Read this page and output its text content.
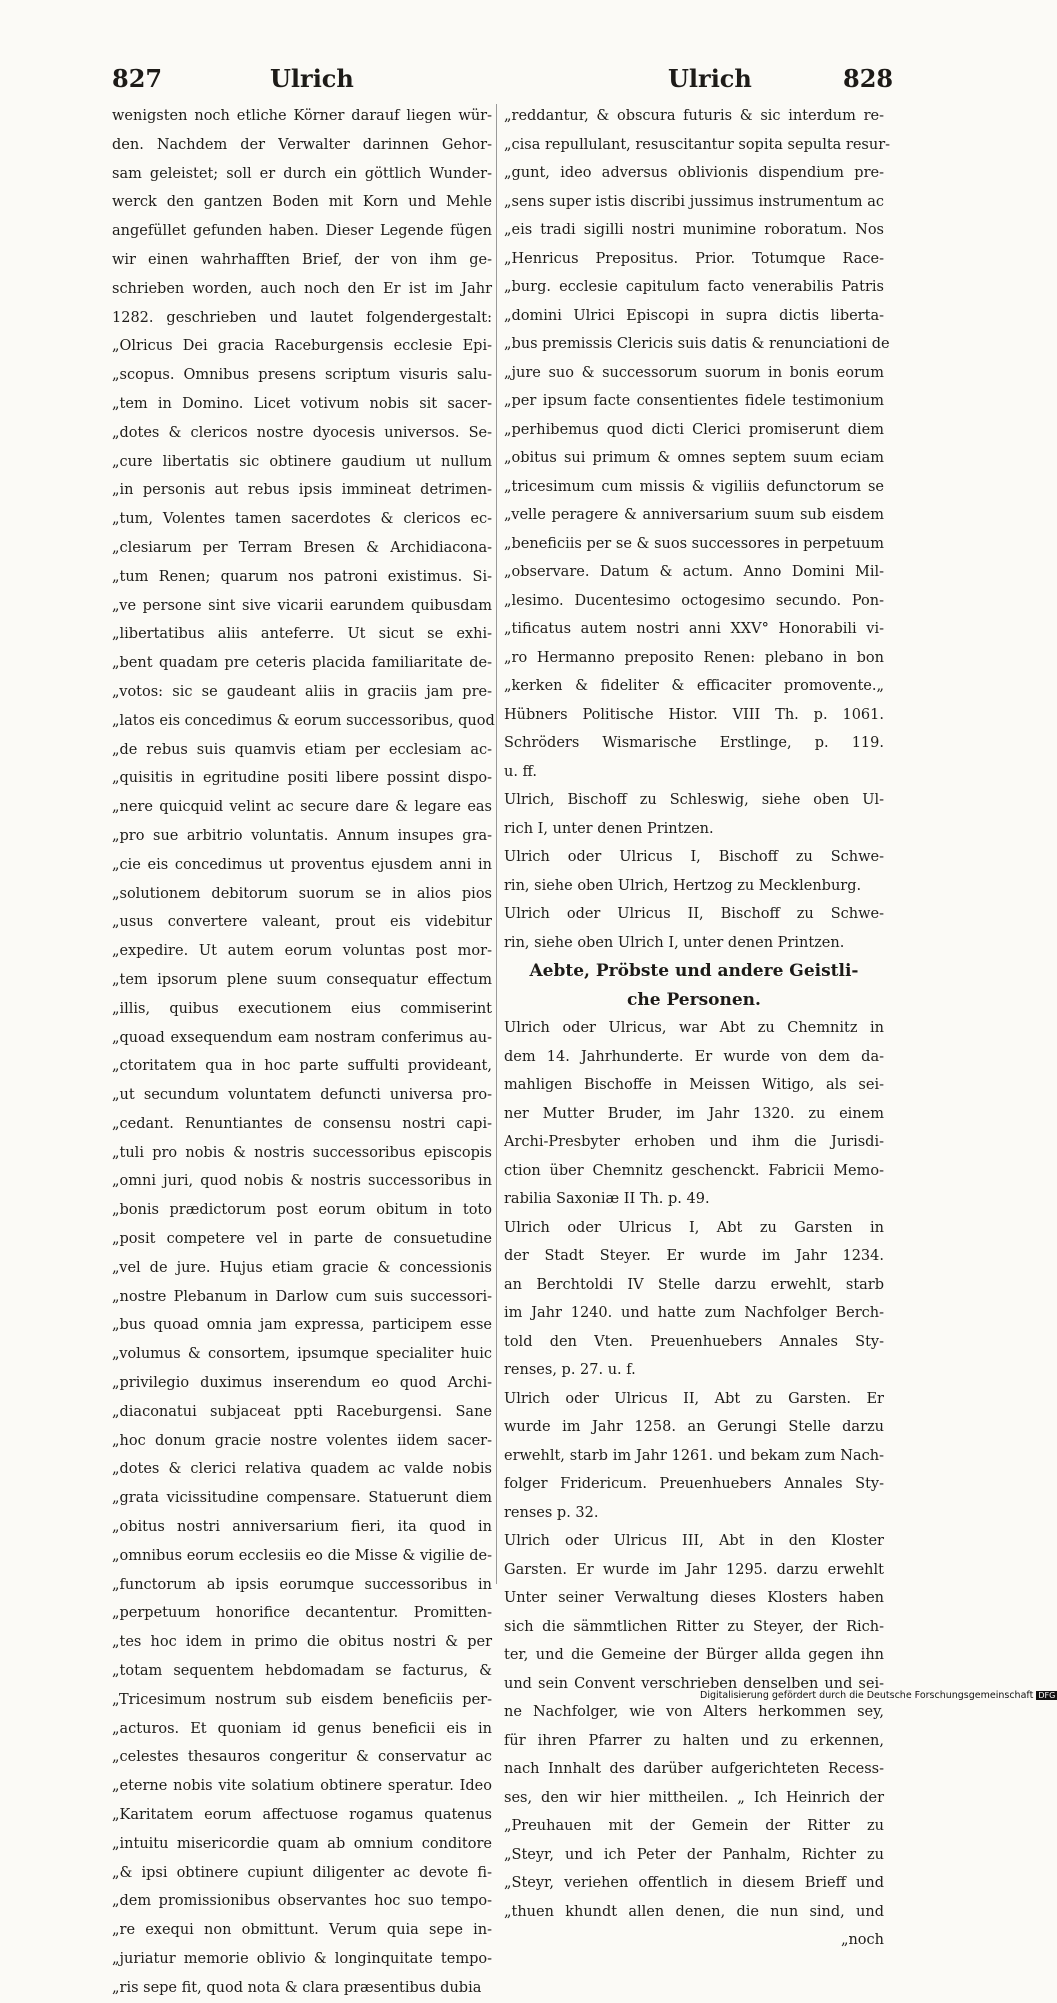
827	Ulrich	Ulrich	828
wenigsten noch etliche Körner darauf liegen wür-
den. Nachdem der Verwalter darinnen Gehor-
sam geleistet; soll er durch ein göttlich Wunder-
werck den gantzen Boden mit Korn und Mehle
angefüllet gefunden haben. Dieser Legende fügen
wir einen wahrhafften Brief, der von ihm ge-
schrieben worden, auch noch den Er ist im Jahr
1282. geschrieben und lautet folgendergestalt:
„Olricus Dei gracia Raceburgensis ecclesie Epi-
„scopus. Omnibus presens scriptum visuris salu-
„tem in Domino. Licet votivum nobis sit sacer-
„dotes & clericos nostre dyocesis universos. Se-
„cure libertatis sic obtinere gaudium ut nullum
„in personis aut rebus ipsis immineat detrimen-
„tum, Volentes tamen sacerdotes & clericos ec-
„clesiarum per Terram Bresen & Archidiacona-
„tum Renen; quarum nos patroni existimus. Si-
„ve persone sint sive vicarii earundem quibusdam
„libertatibus aliis anteferre. Ut sicut se exhi-
„bent quadam pre ceteris placida familiaritate de-
„votos: sic se gaudeant aliis in graciis jam pre-
„latos eis concedimus & eorum successoribus, quod
„de rebus suis quamvis etiam per ecclesiam ac-
„quisitis in egritudine positi libere possint dispo-
„nere quicquid velint ac secure dare & legare eas
„pro sue arbitrio voluntatis. Annum insupes gra-
„cie eis concedimus ut proventus ejusdem anni in
„solutionem debitorum suorum se in alios pios
„usus convertere valeant, prout eis videbitur
„expedire. Ut autem eorum voluntas post mor-
„tem ipsorum plene suum consequatur effectum
„illis, quibus executionem eius commiserint
„quoad exsequendum eam nostram conferimus au-
„ctoritatem qua in hoc parte suffulti provideant,
„ut secundum voluntatem defuncti universa pro-
„cedant. Renuntiantes de consensu nostri capi-
„tuli pro nobis & nostris successoribus episcopis
„omni juri, quod nobis & nostris successoribus in
„bonis prædictorum post eorum obitum in toto
„posit competere vel in parte de consuetudine
„vel de jure. Hujus etiam gracie & concessionis
„nostre Plebanum in Darlow cum suis successori-
„bus quoad omnia jam expressa, participem esse
„volumus & consortem, ipsumque specialiter huic
„privilegio duximus inserendum eo quod Archi-
„diaconatui subjaceat ppti Raceburgensi. Sane
„hoc donum gracie nostre volentes iidem sacer-
„dotes & clerici relativa quadem ac valde nobis
„grata vicissitudine compensare. Statuerunt diem
„obitus nostri anniversarium fieri, ita quod in
„omnibus eorum ecclesiis eo die Misse & vigilie de-
„functorum ab ipsis eorumque successoribus in
„perpetuum honorifice decantentur. Promitten-
„tes hoc idem in primo die obitus nostri & per
„totam sequentem hebdomadam se facturus, &
„Tricesimum nostrum sub eisdem beneficiis per-
„acturos. Et quoniam id genus beneficii eis in
„celestes thesauros congeritur & conservatur ac
„eterne nobis vite solatium obtinere speratur. Ideo
„Karitatem eorum affectuose rogamus quatenus
„intuitu misericordie quam ab omnium conditore
„& ipsi obtinere cupiunt diligenter ac devote fi-
„dem promissionibus observantes hoc suo tempo-
„re exequi non obmittunt. Verum quia sepe in-
„juriatur memorie oblivio & longinquitate tempo-
„ris sepe fit, quod nota & clara præsentibus dubia
„reddantur, & obscura futuris & sic interdum re-
„cisa repullulant, resuscitantur sopita sepulta resur-
„gunt, ideo adversus oblivionis dispendium pre-
„sens super istis discribi jussimus instrumentum ac
„eis tradi sigilli nostri munimine roboratum. Nos
„Henricus Prepositus. Prior. Totumque Race-
„burg. ecclesie capitulum facto venerabilis Patris
„domini Ulrici Episcopi in supra dictis liberta-
„bus premissis Clericis suis datis & renunciationi de
„jure suo & successorum suorum in bonis eorum
„per ipsum facte consentientes fidele testimonium
„perhibemus quod dicti Clerici promiserunt diem
„obitus sui primum & omnes septem suum eciam
„tricesimum cum missis & vigiliis defunctorum se
„velle peragere & anniversarium suum sub eisdem
„beneficiis per se & suos successores in perpetuum
„observare. Datum & actum. Anno Domini Mil-
„lesimo. Ducentesimo octogesimo secundo. Pon-
„tificatus autem nostri anni XXV° Honorabili vi-
„ro Hermanno preposito Renen: plebano in bon
„kerken & fideliter & efficaciter promovente.„
Hübners Politische Histor. VIII Th. p. 1061.
Schröders Wismarische Erstlinge, p. 119.
u. ff.
Ulrich, Bischoff zu Schleswig, siehe oben Ul-
rich I, unter denen Printzen.
Ulrich oder Ulricus I, Bischoff zu Schwe-
rin, siehe oben Ulrich, Hertzog zu Mecklenburg.
Ulrich oder Ulricus II, Bischoff zu Schwe-
rin, siehe oben Ulrich I, unter denen Printzen.
Aebte, Pröbste und andere Geistli-
che Personen.
Ulrich oder Ulricus, war Abt zu Chemnitz in
dem 14. Jahrhunderte. Er wurde von dem da-
mahligen Bischoffe in Meissen Witigo, als sei-
ner Mutter Bruder, im Jahr 1320. zu einem
Archi-Presbyter erhoben und ihm die Jurisdi-
ction über Chemnitz geschenckt. Fabricii Memo-
rabilia Saxoniæ II Th. p. 49.
Ulrich oder Ulricus I, Abt zu Garsten in
der Stadt Steyer. Er wurde im Jahr 1234.
an Berchtoldi IV Stelle darzu erwehlt, starb
im Jahr 1240. und hatte zum Nachfolger Berch-
told den Vten. Preuenhuebers Annales Sty-
renses, p. 27. u. f.
Ulrich oder Ulricus II, Abt zu Garsten. Er
wurde im Jahr 1258. an Gerungi Stelle darzu
erwehlt, starb im Jahr 1261. und bekam zum Nach-
folger Fridericum. Preuenhuebers Annales Sty-
renses p. 32.
Ulrich oder Ulricus III, Abt in den Kloster
Garsten. Er wurde im Jahr 1295. darzu erwehlt
Unter seiner Verwaltung dieses Klosters haben
sich die sämmtlichen Ritter zu Steyer, der Rich-
ter, und die Gemeine der Bürger allda gegen ihn
und sein Convent verschrieben denselben und sei-
ne Nachfolger, wie von Alters herkommen sey,
für ihren Pfarrer zu halten und zu erkennen,
nach Innhalt des darüber aufgerichteten Recess-
ses, den wir hier mittheilen. „ Ich Heinrich der
„Preuhauen mit der Gemein der Ritter zu
„Steyr, und ich Peter der Panhalm, Richter zu
„Steyr, veriehen offentlich in diesem Brieff und
„thuen khundt allen denen, die nun sind, und
„noch
Digitalisierung gefördert durch die Deutsche Forschungsgemeinschaft DFG
